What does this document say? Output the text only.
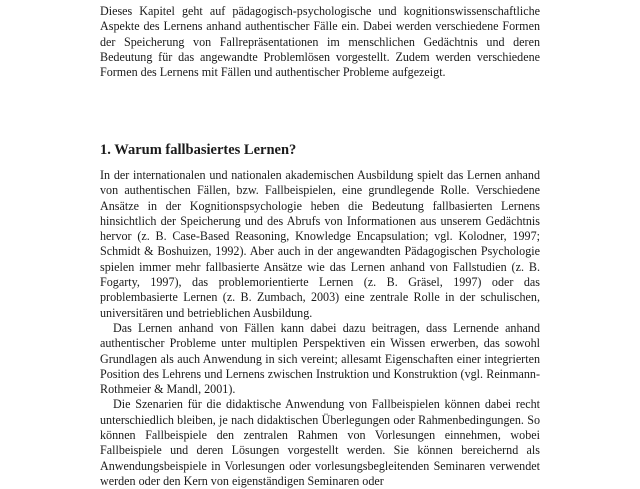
Dieses Kapitel geht auf pädagogisch-psychologische und kognitionswissenschaftliche Aspekte des Lernens anhand authentischer Fälle ein. Dabei werden verschiedene Formen der Speicherung von Fallrepräsentationen im menschlichen Gedächtnis und deren Bedeutung für das angewandte Problemlösen vorgestellt. Zudem werden verschiedene Formen des Lernens mit Fällen und authentischer Probleme aufgezeigt.

1. Warum fallbasiertes Lernen?

In der internationalen und nationalen akademischen Ausbildung spielt das Lernen anhand von authentischen Fällen, bzw. Fallbeispielen, eine grundlegende Rolle. Verschiedene Ansätze in der Kognitionspsychologie heben die Bedeutung fallbasierten Lernens hinsichtlich der Speicherung und des Abrufs von Informationen aus unserem Gedächtnis hervor (z. B. Case-Based Reasoning, Knowledge Encapsulation; vgl. Kolodner, 1997; Schmidt & Boshuizen, 1992). Aber auch in der angewandten Pädagogischen Psychologie spielen immer mehr fallbasierte Ansätze wie das Lernen anhand von Fallstudien (z. B. Fogarty, 1997), das problemorientierte Lernen (z. B. Gräsel, 1997) oder das problembasierte Lernen (z. B. Zumbach, 2003) eine zentrale Rolle in der schulischen, universitären und betrieblichen Ausbildung.

Das Lernen anhand von Fällen kann dabei dazu beitragen, dass Lernende anhand authentischer Probleme unter multiplen Perspektiven ein Wissen erwerben, das sowohl Grundlagen als auch Anwendung in sich vereint; allesamt Eigenschaften einer integrierten Position des Lehrens und Lernens zwischen Instruktion und Konstruktion (vgl. Reinmann-Rothmeier & Mandl, 2001).

Die Szenarien für die didaktische Anwendung von Fallbeispielen können dabei recht unterschiedlich bleiben, je nach didaktischen Überlegungen oder Rahmenbedingungen. So können Fallbeispiele den zentralen Rahmen von Vorlesungen einnehmen, wobei Fallbeispiele und deren Lösungen vorgestellt werden. Sie können bereichernd als Anwendungsbeispiele in Vorlesungen oder vorlesungsbegleitenden Seminaren verwendet werden oder den Kern von eigenständigen Seminaren oder
